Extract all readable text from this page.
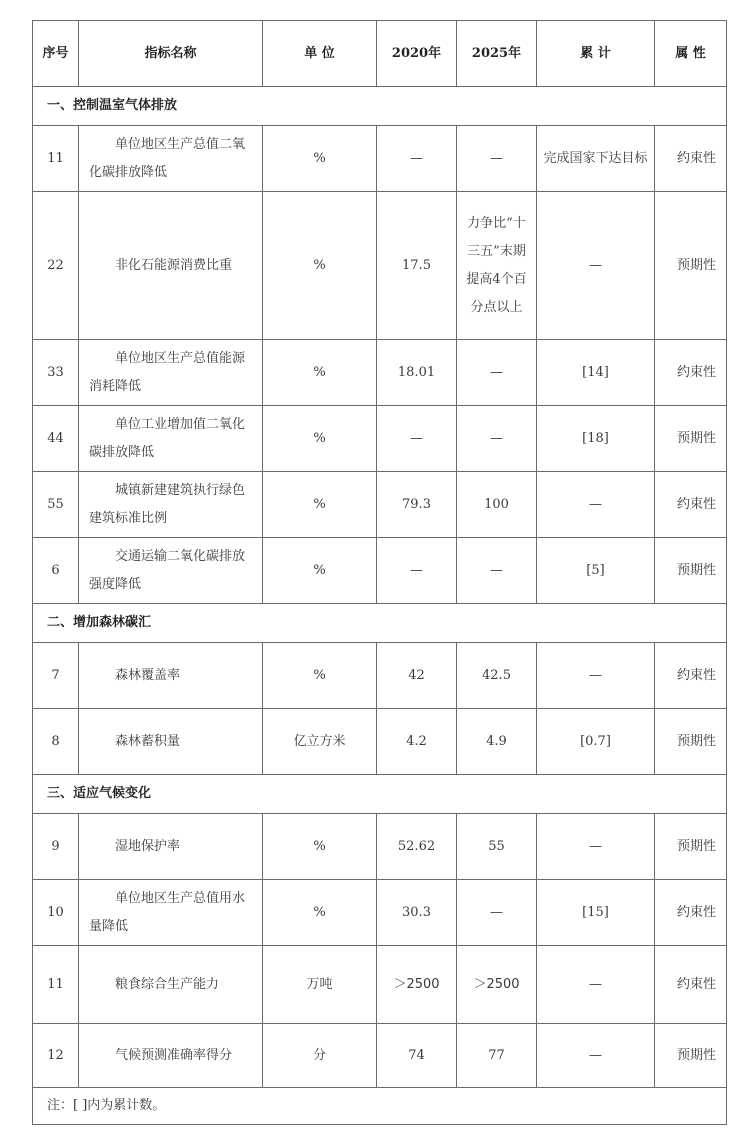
序号	指标名称	单 位	2020年	2025年	累 计	属 性
一、控制温室气体排放						
11	单位地区生产总值二氧化碳排放降低	%	—	—	完成国家下达目标	约束性
22	非化石能源消费比重	%	17.5	力争比“十三五”末期提高4个百分点以上	—	预期性
33	单位地区生产总值能源消耗降低	%	18.01	—	[14]	约束性
44	单位工业增加值二氧化碳排放降低	%	—	—	[18]	预期性
55	城镇新建建筑执行绿色建筑标准比例	%	79.3	100	—	约束性
6	交通运输二氧化碳排放强度降低	%	—	—	[5]	预期性
二、增加森林碳汇						
7	森林覆盖率	%	42	42.5	—	约束性
8	森林蓄积量	亿立方米	4.2	4.9	[0.7]	预期性
三、适应气候变化						
9	湿地保护率	%	52.62	55	—	预期性
10	单位地区生产总值用水量降低	%	30.3	—	[15]	约束性
11	粮食综合生产能力	万吨	＞2500	＞2500	—	约束性
12	气候预测准确率得分	分	74	77	—	预期性
注：[ ]内为累计数。						
